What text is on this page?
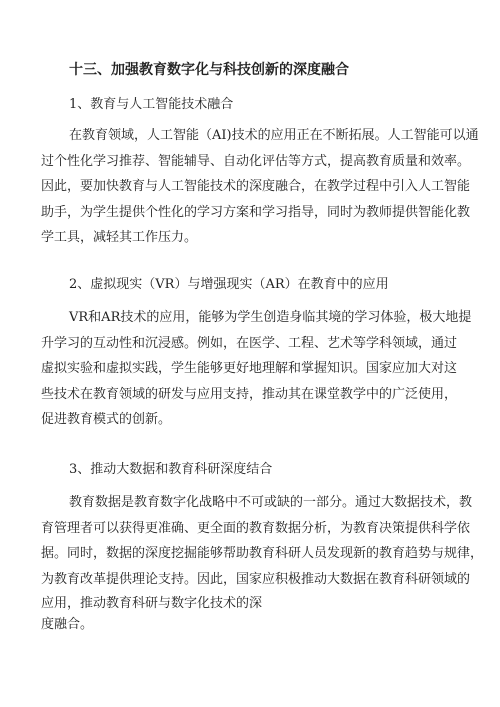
十三、加强教育数字化与科技创新的深度融合
1、教育与人工智能技术融合
在教育领域，人工智能（AI)技术的应用正在不断拓展。人工智能可以通
过个性化学习推荐、智能辅导、自动化评估等方式，提高教育质量和效率。
因此，要加快教育与人工智能技术的深度融合，在教学过程中引入人工智能
助手，为学生提供个性化的学习方案和学习指导，同时为教师提供智能化教
学工具，减轻其工作压力。
2、虚拟现实（VR）与增强现实（AR）在教育中的应用
VR和AR技术的应用，能够为学生创造身临其境的学习体验，极大地提
升学习的互动性和沉浸感。例如，在医学、工程、艺术等学科领域，通过
虚拟实验和虚拟实践，学生能够更好地理解和掌握知识。国家应加大对这
些技术在教育领域的研发与应用支持，推动其在课堂教学中的广泛使用，
促进教育模式的创新。
3、推动大数据和教育科研深度结合
教育数据是教育数字化战略中不可或缺的一部分。通过大数据技术，教
育管理者可以获得更准确、更全面的教育数据分析，为教育决策提供科学依
据。同时，数据的深度挖掘能够帮助教育科研人员发现新的教育趋势与规律，
为教育改革提供理论支持。因此，国家应积极推动大数据在教育科研领域的
应用，推动教育科研与数字化技术的深
度融合。
